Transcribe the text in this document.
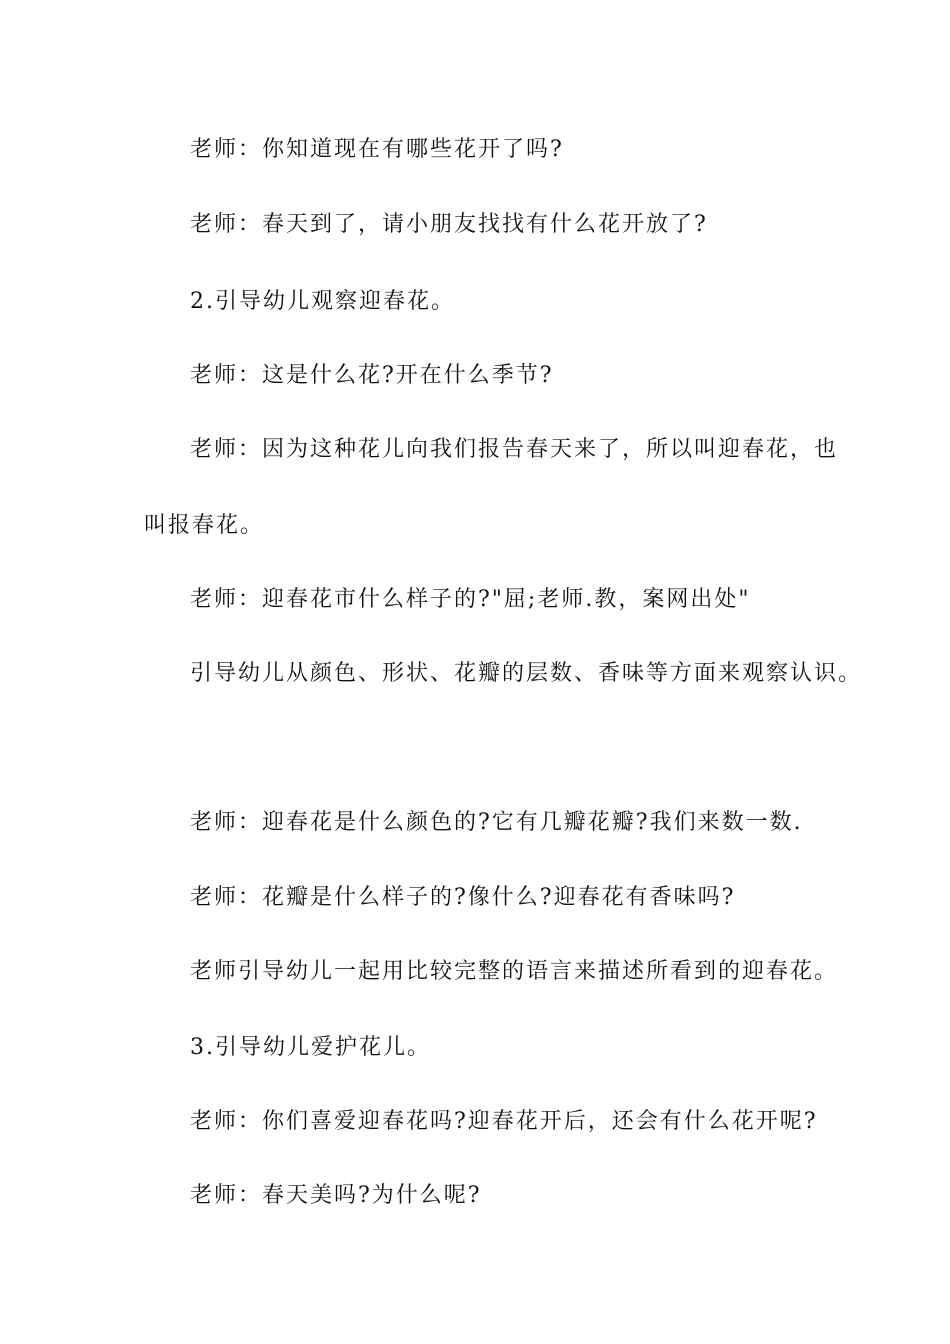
老师：你知道现在有哪些花开了吗?

老师：春天到了，请小朋友找找有什么花开放了?

2.引导幼儿观察迎春花。

老师：这是什么花?开在什么季节?

老师：因为这种花儿向我们报告春天来了，所以叫迎春花，也

叫报春花。

老师：迎春花市什么样子的?"屈;老师.教，案网出处"

引导幼儿从颜色、形状、花瓣的层数、香味等方面来观察认识。

老师：迎春花是什么颜色的?它有几瓣花瓣?我们来数一数.

老师：花瓣是什么样子的?像什么?迎春花有香味吗?

老师引导幼儿一起用比较完整的语言来描述所看到的迎春花。

3.引导幼儿爱护花儿。

老师：你们喜爱迎春花吗?迎春花开后，还会有什么花开呢?

老师：春天美吗?为什么呢?
